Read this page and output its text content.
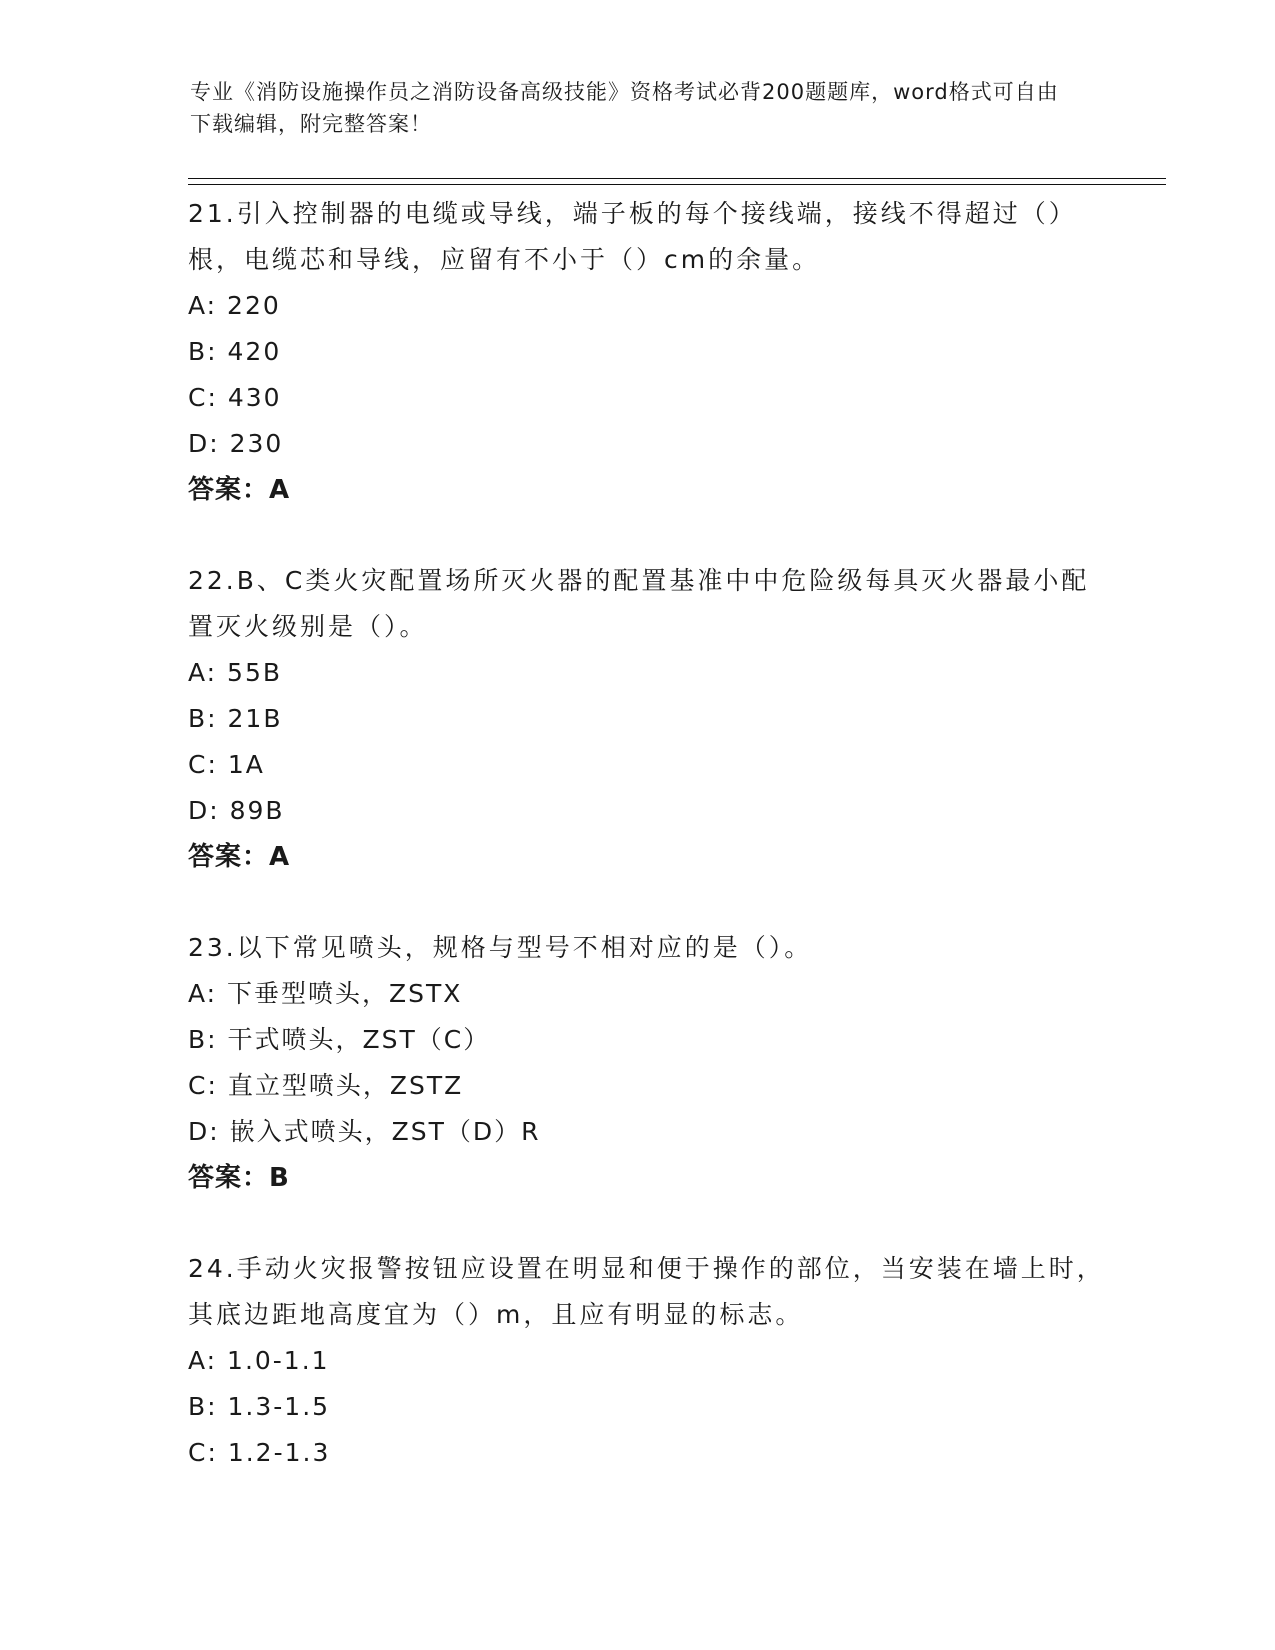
专业《消防设施操作员之消防设备高级技能》资格考试必背200题题库，word格式可自由下载编辑，附完整答案！

21.引入控制器的电缆或导线，端子板的每个接线端，接线不得超过（）根，电缆芯和导线，应留有不小于（）cm的余量。

A: 220

B: 420

C: 430

D: 230

答案：A

22.B、C类火灾配置场所灭火器的配置基准中中危险级每具灭火器最小配置灭火级别是（）。

A: 55B

B: 21B

C: 1A

D: 89B

答案：A

23.以下常见喷头，规格与型号不相对应的是（）。

A: 下垂型喷头，ZSTX

B: 干式喷头，ZST（C）

C: 直立型喷头，ZSTZ

D: 嵌入式喷头，ZST（D）R

答案：B

24.手动火灾报警按钮应设置在明显和便于操作的部位，当安装在墙上时，其底边距地高度宜为（）m，且应有明显的标志。

A: 1.0-1.1

B: 1.3-1.5

C: 1.2-1.3
